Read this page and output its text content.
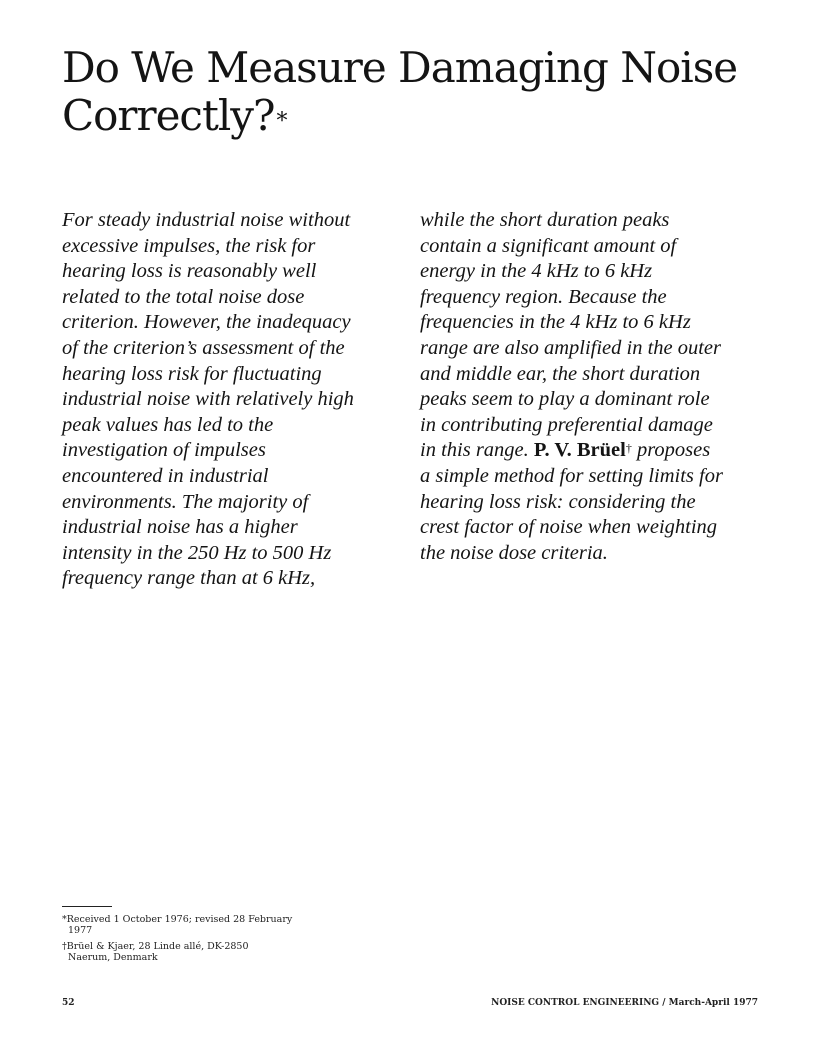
Do We Measure Damaging Noise Correctly?*
For steady industrial noise without
excessive impulses, the risk for
hearing loss is reasonably well
related to the total noise dose
criterion. However, the inadequacy
of the criterion’s assessment of the
hearing loss risk for fluctuating
industrial noise with relatively high
peak values has led to the
investigation of impulses
encountered in industrial
environments. The majority of
industrial noise has a higher
intensity in the 250 Hz to 500 Hz
frequency range than at 6 kHz,
while the short duration peaks
contain a significant amount of
energy in the 4 kHz to 6 kHz
frequency region. Because the
frequencies in the 4 kHz to 6 kHz
range are also amplified in the outer
and middle ear, the short duration
peaks seem to play a dominant role
in contributing preferential damage
in this range. P. V. Brüel† proposes
a simple method for setting limits for
hearing loss risk: considering the
crest factor of noise when weighting
the noise dose criteria.
*Received 1 October 1976; revised 28 February
1977
†Brüel & Kjaer, 28 Linde allé, DK-2850
Naerum, Denmark
52	NOISE CONTROL ENGINEERING / March-April 1977
